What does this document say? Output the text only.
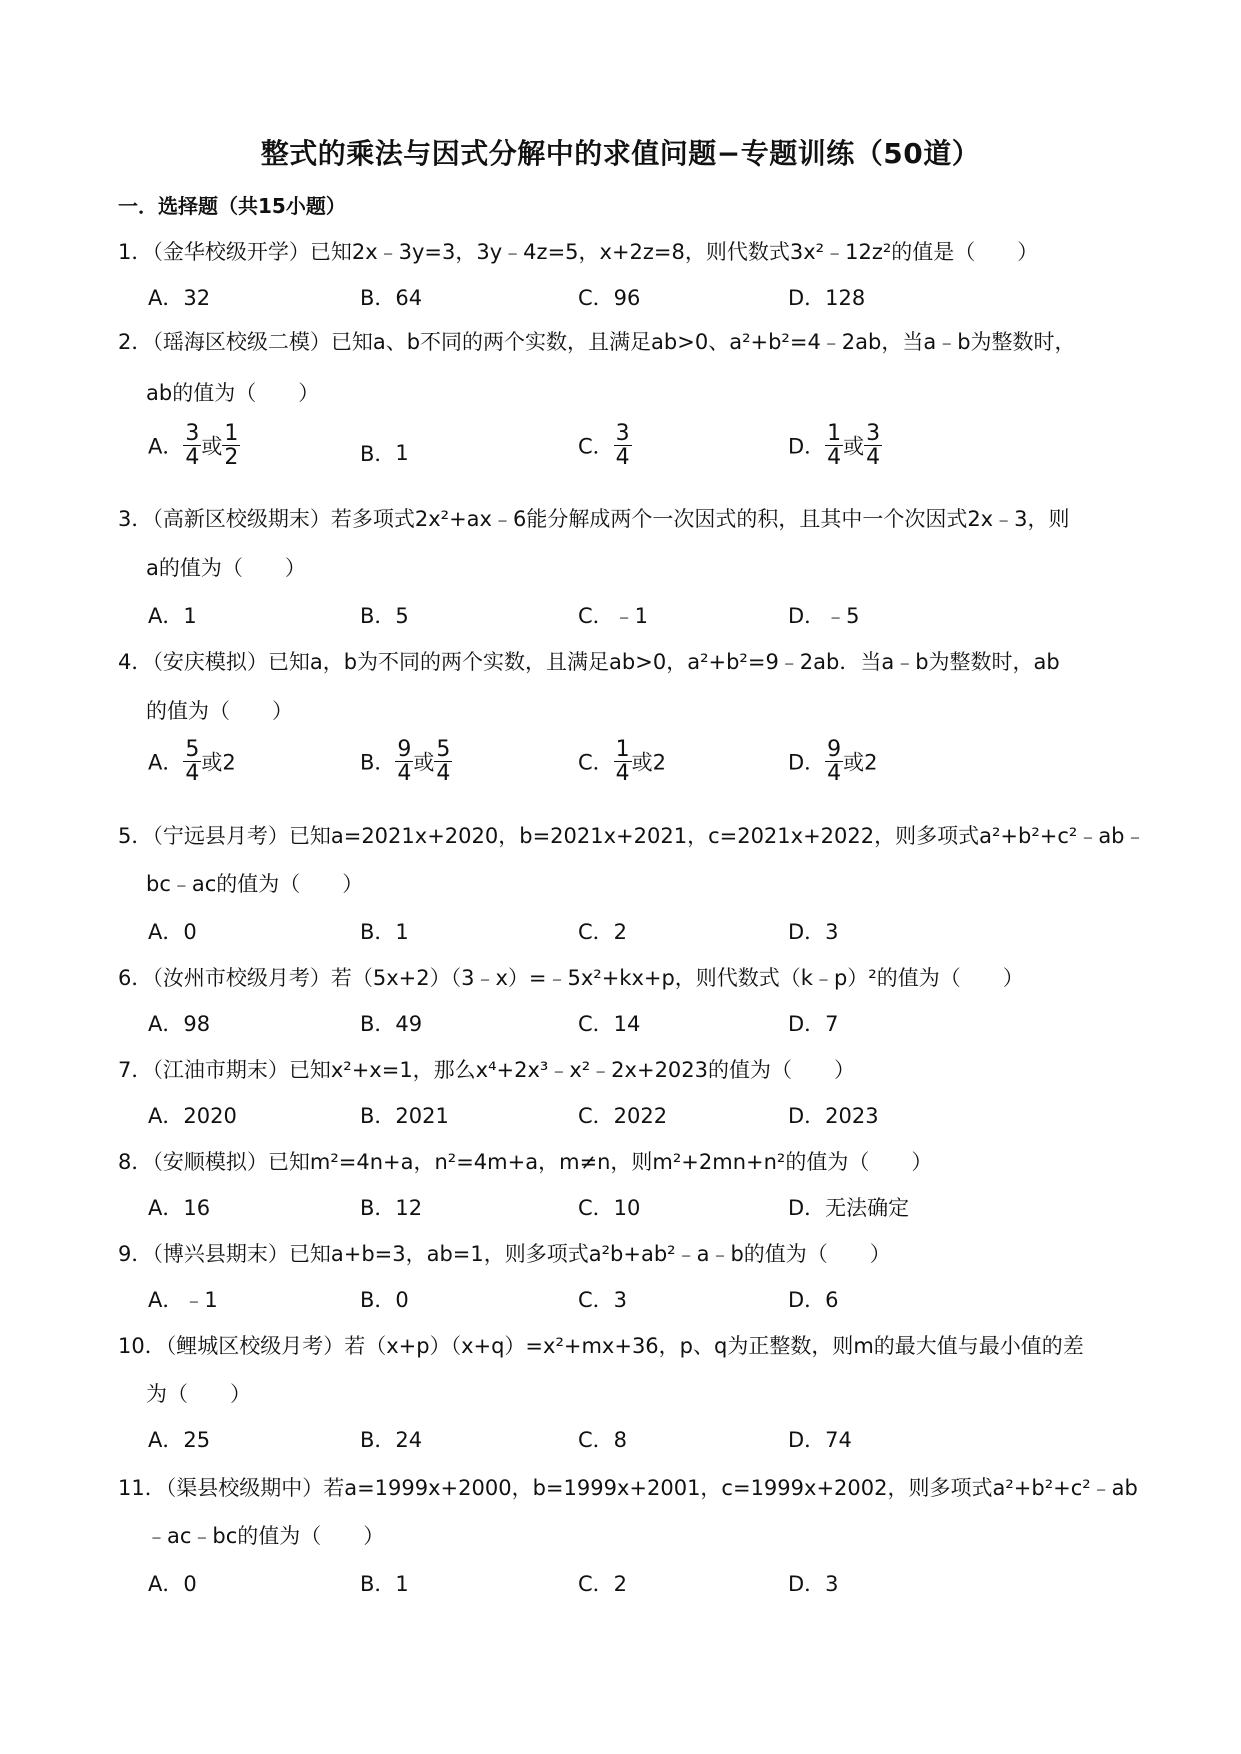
整式的乘法与因式分解中的求值问题−专题训练（50道）
一．选择题（共15小题）
1．（金华校级开学）已知2x﹣3y=3，3y﹣4z=5，x+2z=8，则代数式3x²﹣12z²的值是（　　）
A．32	B．64	C．96	D．128
2．（瑶海区校级二模）已知a、b不同的两个实数，且满足ab>0、a²+b²=4﹣2ab，当a﹣b为整数时，
ab的值为（　　）
A． $\frac{3}{4}$ 或 $\frac{1}{2}$	B．1	C． $\frac{3}{4}$	D． $\frac{1}{4}$ 或 $\frac{3}{4}$
3．（高新区校级期末）若多项式2x²+ax﹣6能分解成两个一次因式的积，且其中一个次因式2x﹣3，则
a的值为（　　）
A．1	B．5	C．﹣1	D．﹣5
4．（安庆模拟）已知a，b为不同的两个实数，且满足ab>0，a²+b²=9﹣2ab．当a﹣b为整数时，ab
的值为（　　）
A． $\frac{5}{4}$ 或2	B． $\frac{9}{4}$ 或 $\frac{5}{4}$	C． $\frac{1}{4}$ 或2	D． $\frac{9}{4}$ 或2
5．（宁远县月考）已知a=2021x+2020，b=2021x+2021，c=2021x+2022，则多项式a²+b²+c²﹣ab﹣
bc﹣ac的值为（　　）
A．0	B．1	C．2	D．3
6．（汝州市校级月考）若（5x+2）（3﹣x）=﹣5x²+kx+p，则代数式（k﹣p）²的值为（　　）
A．98	B．49	C．14	D．7
7．（江油市期末）已知x²+x=1，那么x⁴+2x³﹣x²﹣2x+2023的值为（　　）
A．2020	B．2021	C．2022	D．2023
8．（安顺模拟）已知m²=4n+a，n²=4m+a，m≠n，则m²+2mn+n²的值为（　　）
A．16	B．12	C．10	D．无法确定
9．（博兴县期末）已知a+b=3，ab=1，则多项式a²b+ab²﹣a﹣b的值为（　　）
A．﹣1	B．0	C．3	D．6
10．（鲤城区校级月考）若（x+p）（x+q）=x²+mx+36，p、q为正整数，则m的最大值与最小值的差
为（　　）
A．25	B．24	C．8	D．74
11．（渠县校级期中）若a=1999x+2000，b=1999x+2001，c=1999x+2002，则多项式a²+b²+c²﹣ab
﹣ac﹣bc的值为（　　）
A．0	B．1	C．2	D．3
